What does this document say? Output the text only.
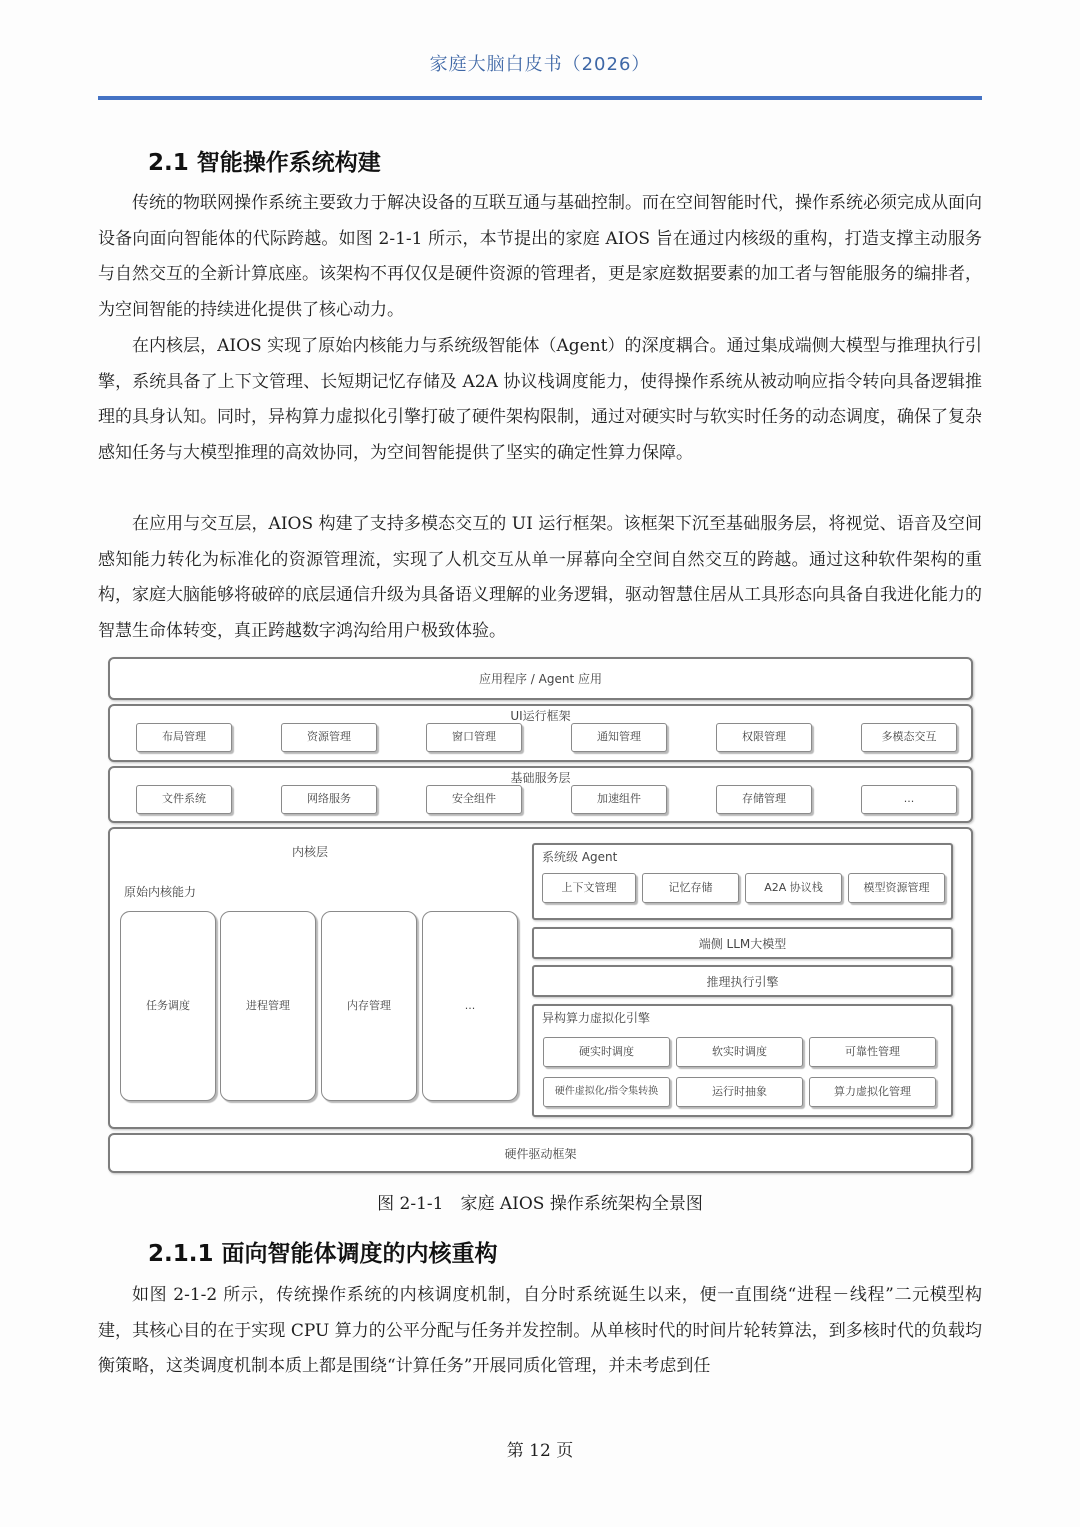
家庭大脑白皮书（2026）
2.1 智能操作系统构建

传统的物联网操作系统主要致力于解决设备的互联互通与基础控制。而在空间智能时代，操作系统必须完成从面向设备向面向智能体的代际跨越。如图 2-1-1 所示，本节提出的家庭 AIOS 旨在通过内核级的重构，打造支撑主动服务与自然交互的全新计算底座。该架构不再仅仅是硬件资源的管理者，更是家庭数据要素的加工者与智能服务的编排者，为空间智能的持续进化提供了核心动力。

在内核层，AIOS 实现了原始内核能力与系统级智能体（Agent）的深度耦合。通过集成端侧大模型与推理执行引擎，系统具备了上下文管理、长短期记忆存储及 A2A 协议栈调度能力，使得操作系统从被动响应指令转向具备逻辑推理的具身认知。同时，异构算力虚拟化引擎打破了硬件架构限制，通过对硬实时与软实时任务的动态调度，确保了复杂感知任务与大模型推理的高效协同，为空间智能提供了坚实的确定性算力保障。

在应用与交互层，AIOS 构建了支持多模态交互的 UI 运行框架。该框架下沉至基础服务层，将视觉、语音及空间感知能力转化为标准化的资源管理流，实现了人机交互从单一屏幕向全空间自然交互的跨越。通过这种软件架构的重构，家庭大脑能够将破碎的底层通信升级为具备语义理解的业务逻辑，驱动智慧住居从工具形态向具备自我进化能力的智慧生命体转变，真正跨越数字鸿沟给用户极致体验。

应用程序 / Agent 应用
UI运行框架
布局管理	资源管理	窗口管理	通知管理	权限管理	多模态交互
基础服务层
文件系统	网络服务	安全组件	加速组件	存储管理	...
内核层
原始内核能力
任务调度	进程管理	内存管理	...
系统级 Agent
上下文管理	记忆存储	A2A 协议栈	模型资源管理
端侧 LLM大模型
推理执行引擎
异构算力虚拟化引擎
硬实时调度	软实时调度	可靠性管理
硬件虚拟化/指令集转换	运行时抽象	算力虚拟化管理
硬件驱动框架
图 2-1-1　家庭 AIOS 操作系统架构全景图
2.1.1 面向智能体调度的内核重构

如图 2-1-2 所示，传统操作系统的内核调度机制，自分时系统诞生以来，便一直围绕“进程－线程”二元模型构建，其核心目的在于实现 CPU 算力的公平分配与任务并发控制。从单核时代的时间片轮转算法，到多核时代的负载均衡策略，这类调度机制本质上都是围绕“计算任务”开展同质化管理，并未考虑到任

第 12 页
